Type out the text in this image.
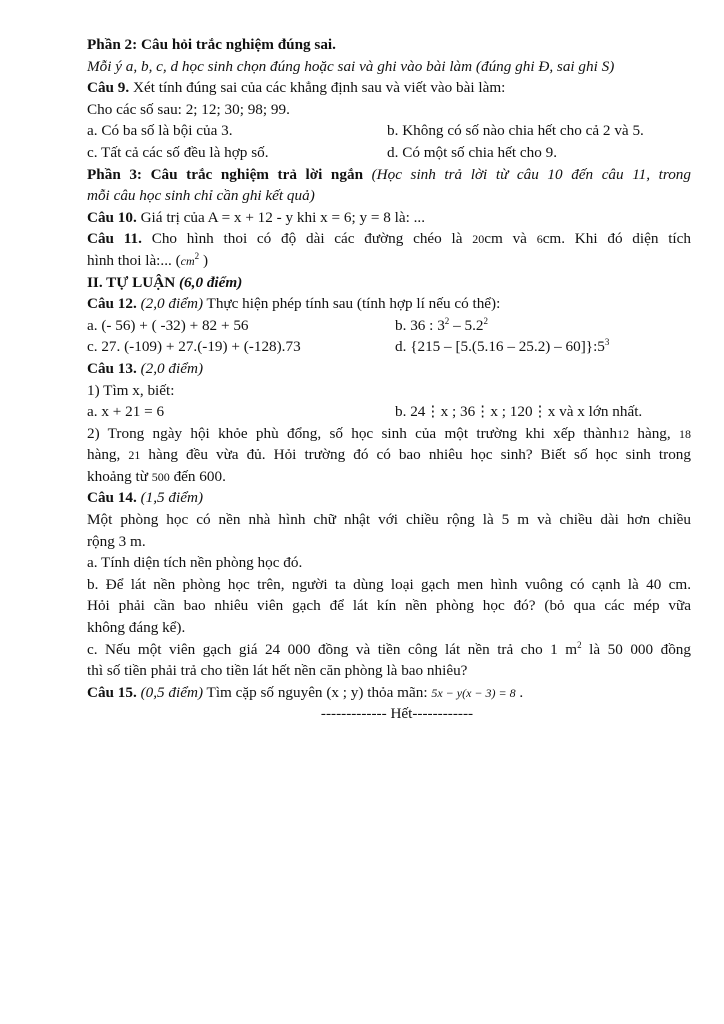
Phần 2: Câu hỏi trắc nghiệm đúng sai.
Mỗi ý a, b, c, d học sinh chọn đúng hoặc sai và ghi vào bài làm (đúng ghi Đ, sai ghi S)
Câu 9. Xét tính đúng sai của các khẳng định sau và viết vào bài làm:
Cho các số sau: 2; 12; 30; 98; 99.
a. Có ba số là bội của 3.	b. Không có số nào chia hết cho cả 2 và 5.
c. Tất cả các số đều là hợp số.	d. Có một số chia hết cho 9.
Phần 3: Câu trắc nghiệm trả lời ngắn (Học sinh trả lời từ câu 10 đến câu 11, trong
mỗi câu học sinh chỉ cần ghi kết quả)
Câu 10. Giá trị của A = x + 12 - y khi x = 6; y = 8 là: ...
Câu 11. Cho hình thoi có độ dài các đường chéo là 20cm và 6cm. Khi đó diện tích
hình thoi là:... ($cm^2$ )
II. TỰ LUẬN (6,0 điểm)
Câu 12. (2,0 điểm) Thực hiện phép tính sau (tính hợp lí nếu có thể):
a. (- 56) + ( -32) + 82 + 56	b. 36 : $3^2 - 5.2^2$
c. 27. (-109) + 27.(-19) + (-128).73	d. $\{215 - [5.(5.16 - 25.2) - 60]\}:5^3$
Câu 13. (2,0 điểm)
1) Tìm x, biết:
a. x + 21 = 6	b. 24⋮x ; 36⋮x ; 120⋮x và x lớn nhất.
2) Trong ngày hội khỏe phù đổng, số học sinh của một trường khi xếp thành12 hàng, 18
hàng, 21 hàng đều vừa đủ. Hỏi trường đó có bao nhiêu học sinh? Biết số học sinh trong
khoảng từ 500 đến 600.
Câu 14. (1,5 điểm)
Một phòng học có nền nhà hình chữ nhật với chiều rộng là 5 m và chiều dài hơn chiều
rộng 3 m.
a. Tính diện tích nền phòng học đó.
b. Để lát nền phòng học trên, người ta dùng loại gạch men hình vuông có cạnh là 40 cm.
Hỏi phải cần bao nhiêu viên gạch để lát kín nền phòng học đó? (bỏ qua các mép vữa
không đáng kể).
c. Nếu một viên gạch giá 24 000 đồng và tiền công lát nền trả cho 1 $m^2$ là 50 000 đồng
thì số tiền phải trả cho tiền lát hết nền căn phòng là bao nhiêu?
Câu 15. (0,5 điểm) Tìm cặp số nguyên (x ; y) thỏa mãn: 5x − y(x − 3) = 8 .
------------- Hết------------
